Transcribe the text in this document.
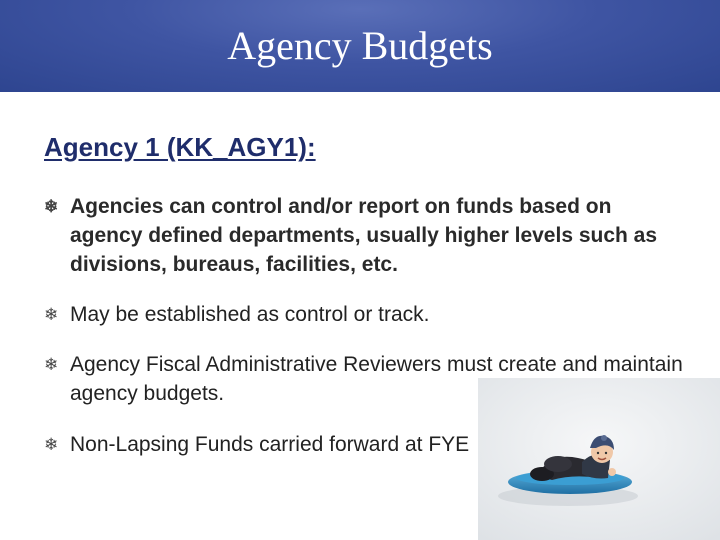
Agency Budgets
Agency 1 (KK_AGY1):
❄ Agencies can control and/or report on funds based on agency defined departments, usually higher levels such as divisions, bureaus, facilities, etc.
❄ May be established as control or track.
❄ Agency Fiscal Administrative Reviewers must create and maintain agency budgets.
❄ Non-Lapsing Funds carried forward at FYE
